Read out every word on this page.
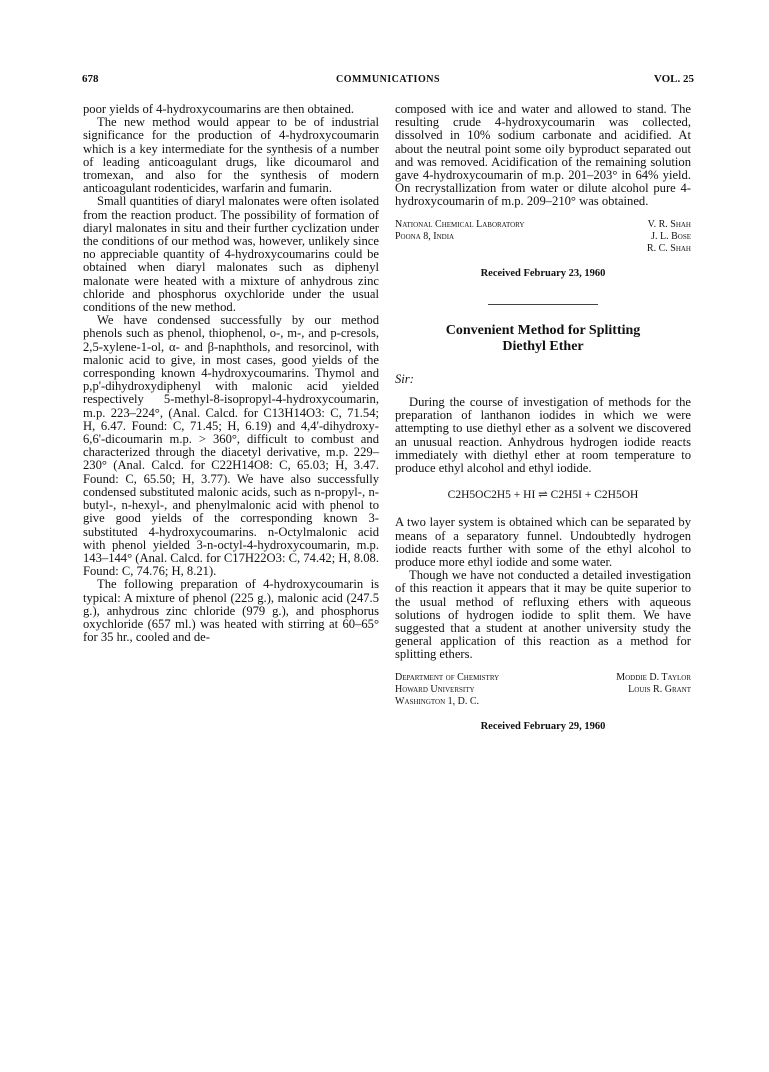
678	COMMUNICATIONS	VOL. 25

poor yields of 4-hydroxycoumarins are then obtained.

The new method would appear to be of industrial significance for the production of 4-hydroxycoumarin which is a key intermediate for the synthesis of a number of leading anticoagulant drugs, like dicoumarol and tromexan, and also for the synthesis of modern anticoagulant rodenticides, warfarin and fumarin.

Small quantities of diaryl malonates were often isolated from the reaction product. The possibility of formation of diaryl malonates in situ and their further cyclization under the conditions of our method was, however, unlikely since no appreciable quantity of 4-hydroxycoumarins could be obtained when diaryl malonates such as diphenyl malonate were heated with a mixture of anhydrous zinc chloride and phosphorus oxychloride under the usual conditions of the new method.

We have condensed successfully by our method phenols such as phenol, thiophenol, o-, m-, and p-cresols, 2,5-xylene-1-ol, α- and β-naphthols, and resorcinol, with malonic acid to give, in most cases, good yields of the corresponding known 4-hydroxycoumarins. Thymol and p,p'-dihydroxydiphenyl with malonic acid yielded respectively 5-methyl-8-isopropyl-4-hydroxycoumarin, m.p. 223–224°, (Anal. Calcd. for C13H14O3: C, 71.54; H, 6.47. Found: C, 71.45; H, 6.19) and 4,4'-dihydroxy-6,6'-dicoumarin m.p. > 360°, difficult to combust and characterized through the diacetyl derivative, m.p. 229–230° (Anal. Calcd. for C22H14O8: C, 65.03; H, 3.47. Found: C, 65.50; H, 3.77). We have also successfully condensed substituted malonic acids, such as n-propyl-, n-butyl-, n-hexyl-, and phenylmalonic acid with phenol to give good yields of the corresponding known 3-substituted 4-hydroxycoumarins. n-Octylmalonic acid with phenol yielded 3-n-octyl-4-hydroxycoumarin, m.p. 143–144° (Anal. Calcd. for C17H22O3: C, 74.42; H, 8.08. Found: C, 74.76; H, 8.21).

The following preparation of 4-hydroxycoumarin is typical: A mixture of phenol (225 g.), malonic acid (247.5 g.), anhydrous zinc chloride (979 g.), and phosphorus oxychloride (657 ml.) was heated with stirring at 60–65° for 35 hr., cooled and de-

composed with ice and water and allowed to stand. The resulting crude 4-hydroxycoumarin was collected, dissolved in 10% sodium carbonate and acidified. At about the neutral point some oily byproduct separated out and was removed. Acidification of the remaining solution gave 4-hydroxycoumarin of m.p. 201–203° in 64% yield. On recrystallization from water or dilute alcohol pure 4-hydroxycoumarin of m.p. 209–210° was obtained.

National Chemical Laboratory
Poona 8, India
V. R. Shah
J. L. Bose
R. C. Shah
Received February 23, 1960
Convenient Method for Splitting Diethyl Ether
Sir:

During the course of investigation of methods for the preparation of lanthanon iodides in which we were attempting to use diethyl ether as a solvent we discovered an unusual reaction. Anhydrous hydrogen iodide reacts immediately with diethyl ether at room temperature to produce ethyl alcohol and ethyl iodide.

C2H5OC2H5 + HI ⇌ C2H5I + C2H5OH

A two layer system is obtained which can be separated by means of a separatory funnel. Undoubtedly hydrogen iodide reacts further with some of the ethyl alcohol to produce more ethyl iodide and some water.

Though we have not conducted a detailed investigation of this reaction it appears that it may be quite superior to the usual method of refluxing ethers with aqueous solutions of hydrogen iodide to split them. We have suggested that a student at another university study the general application of this reaction as a method for splitting ethers.

Department of Chemistry
Howard University
Washington 1, D. C.
Moddie D. Taylor
Louis R. Grant
Received February 29, 1960
